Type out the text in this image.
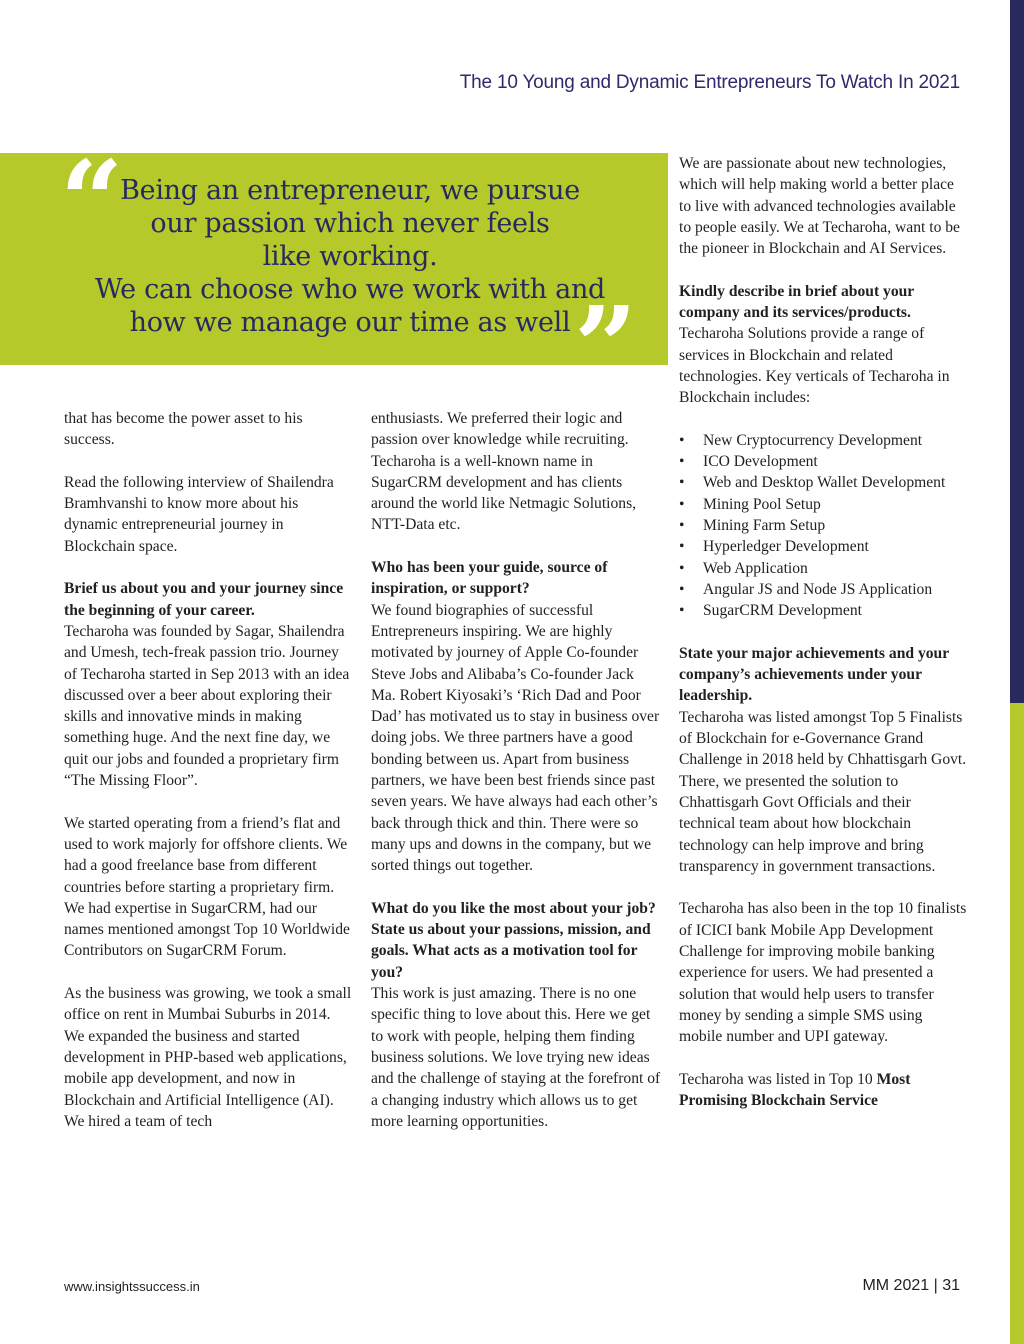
The 10 Young and Dynamic Entrepreneurs To Watch In 2021
“
”
Being an entrepreneur, we pursue
our passion which never feels
like working.
We can choose who we work with and
how we manage our time as well

that has become the power asset to his success.

Read the following interview of Shailendra Bramhvanshi to know more about his dynamic entrepreneurial journey in Blockchain space.

Brief us about you and your journey since the beginning of your career.
Techaroha was founded by Sagar, Shailendra and Umesh, tech-freak passion trio. Journey of Techaroha started in Sep 2013 with an idea discussed over a beer about exploring their skills and innovative minds in making something huge. And the next fine day, we quit our jobs and founded a proprietary firm “The Missing Floor”.

We started operating from a friend’s flat and used to work majorly for offshore clients. We had a good freelance base from different countries before starting a proprietary firm. We had expertise in SugarCRM, had our names mentioned amongst Top 10 Worldwide Contributors on SugarCRM Forum.

As the business was growing, we took a small office on rent in Mumbai Suburbs in 2014. We expanded the business and started development in PHP-based web applications, mobile app development, and now in Blockchain and Artificial Intelligence (AI). We hired a team of tech

enthusiasts. We preferred their logic and passion over knowledge while recruiting. Techaroha is a well-known name in SugarCRM development and has clients around the world like Netmagic Solutions, NTT-Data etc.

Who has been your guide, source of inspiration, or support?
We found biographies of successful Entrepreneurs inspiring. We are highly motivated by journey of Apple Co-founder Steve Jobs and Alibaba’s Co-founder Jack Ma. Robert Kiyosaki’s ‘Rich Dad and Poor Dad’ has motivated us to stay in business over doing jobs. We three partners have a good bonding between us. Apart from business partners, we have been best friends since past seven years. We have always had each other’s back through thick and thin. There were so many ups and downs in the company, but we sorted things out together.

What do you like the most about your job? State us about your passions, mission, and goals. What acts as a motivation tool for you?
This work is just amazing. There is no one specific thing to love about this. Here we get to work with people, helping them finding business solutions. We love trying new ideas and the challenge of staying at the forefront of a changing industry which allows us to get more learning opportunities.

We are passionate about new technologies, which will help making world a better place to live with advanced technologies available to people easily. We at Techaroha, want to be the pioneer in Blockchain and AI Services.

Kindly describe in brief about your company and its services/products.
Techaroha Solutions provide a range of services in Blockchain and related technologies. Key verticals of Techaroha in Blockchain includes:

• New Cryptocurrency Development
• ICO Development
• Web and Desktop Wallet Development
• Mining Pool Setup
• Mining Farm Setup
• Hyperledger Development
• Web Application
• Angular JS and Node JS Application
• SugarCRM Development

State your major achievements and your company’s achievements under your leadership.
Techaroha was listed amongst Top 5 Finalists of Blockchain for e-Governance Grand Challenge in 2018 held by Chhattisgarh Govt. There, we presented the solution to Chhattisgarh Govt Officials and their technical team about how blockchain technology can help improve and bring transparency in government transactions.

Techaroha has also been in the top 10 finalists of ICICI bank Mobile App Development Challenge for improving mobile banking experience for users. We had presented a solution that would help users to transfer money by sending a simple SMS using mobile number and UPI gateway.

Techaroha was listed in Top 10 Most Promising Blockchain Service

www.insightssuccess.in	MM 2021 | 31
